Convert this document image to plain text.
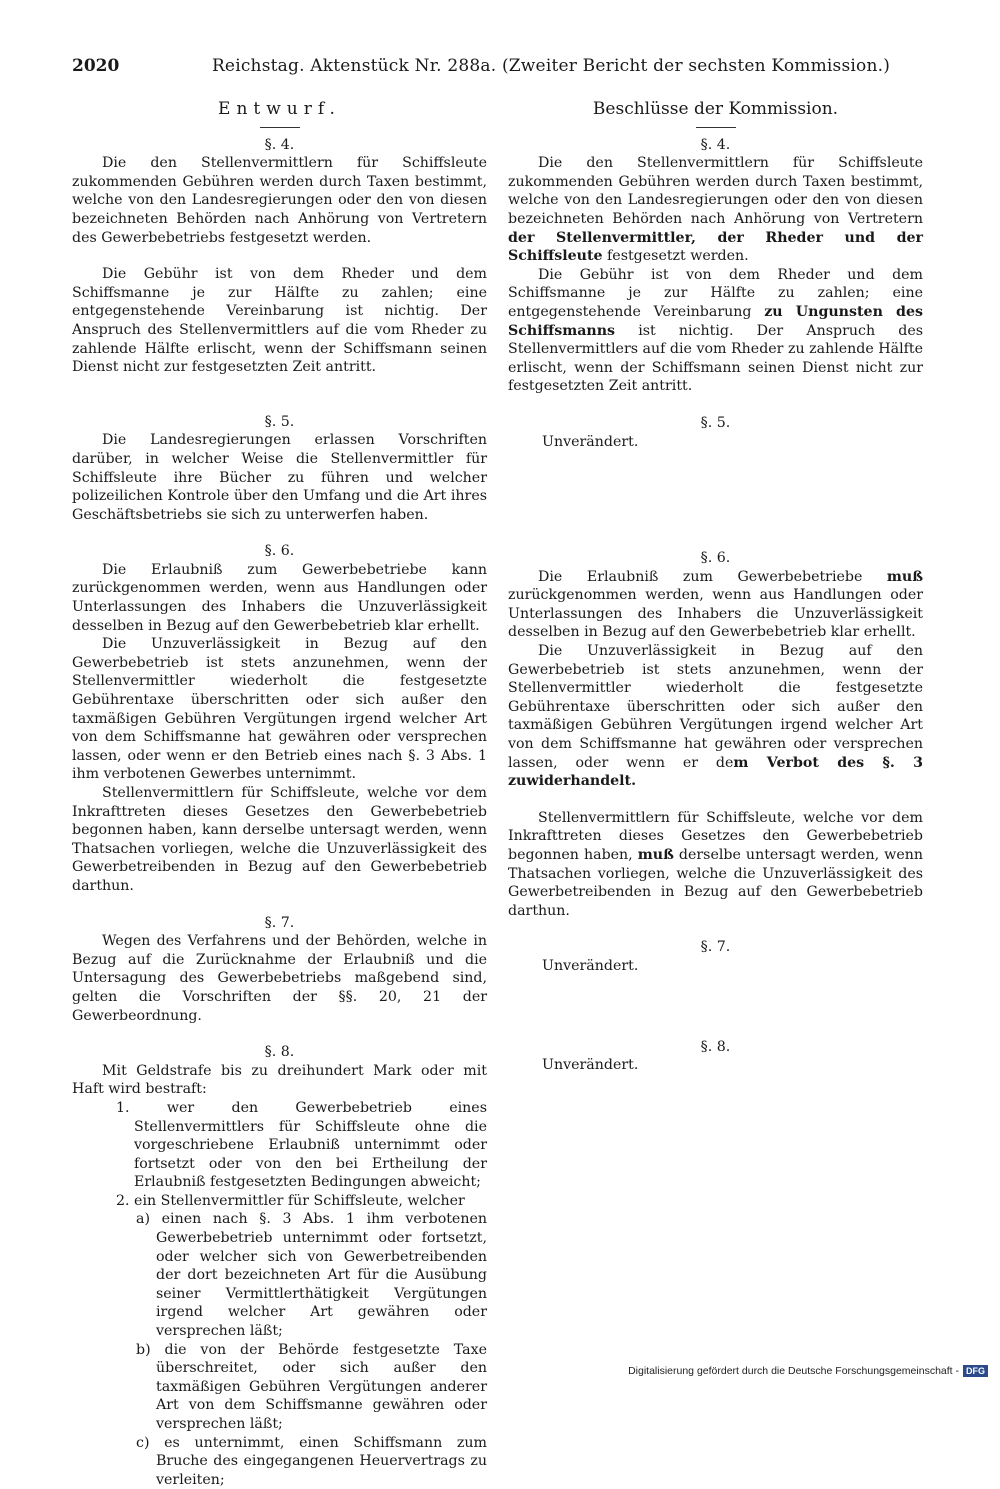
2020	Reichstag. Aktenstück Nr. 288a. (Zweiter Bericht der sechsten Kommission.)
Entwurf.

§. 4.

Die den Stellenvermittlern für Schiffsleute zukommenden Gebühren werden durch Taxen bestimmt, welche von den Landesregierungen oder den von diesen bezeichneten Behörden nach Anhörung von Vertretern des Gewerbebetriebs festgesetzt werden.

Die Gebühr ist von dem Rheder und dem Schiffsmanne je zur Hälfte zu zahlen; eine entgegenstehende Vereinbarung ist nichtig. Der Anspruch des Stellenvermittlers auf die vom Rheder zu zahlende Hälfte erlischt, wenn der Schiffsmann seinen Dienst nicht zur festgesetzten Zeit antritt.

§. 5.

Die Landesregierungen erlassen Vorschriften darüber, in welcher Weise die Stellenvermittler für Schiffsleute ihre Bücher zu führen und welcher polizeilichen Kontrole über den Umfang und die Art ihres Geschäftsbetriebs sie sich zu unterwerfen haben.

§. 6.

Die Erlaubniß zum Gewerbebetriebe kann zurückgenommen werden, wenn aus Handlungen oder Unterlassungen des Inhabers die Unzuverlässigkeit desselben in Bezug auf den Gewerbebetrieb klar erhellt.

Die Unzuverlässigkeit in Bezug auf den Gewerbebetrieb ist stets anzunehmen, wenn der Stellenvermittler wiederholt die festgesetzte Gebührentaxe überschritten oder sich außer den taxmäßigen Gebühren Vergütungen irgend welcher Art von dem Schiffsmanne hat gewähren oder versprechen lassen, oder wenn er den Betrieb eines nach §. 3 Abs. 1 ihm verbotenen Gewerbes unternimmt.

Stellenvermittlern für Schiffsleute, welche vor dem Inkrafttreten dieses Gesetzes den Gewerbebetrieb begonnen haben, kann derselbe untersagt werden, wenn Thatsachen vorliegen, welche die Unzuverlässigkeit des Gewerbetreibenden in Bezug auf den Gewerbebetrieb darthun.

§. 7.

Wegen des Verfahrens und der Behörden, welche in Bezug auf die Zurücknahme der Erlaubniß und die Untersagung des Gewerbebetriebs maßgebend sind, gelten die Vorschriften der §§. 20, 21 der Gewerbeordnung.

§. 8.

Mit Geldstrafe bis zu dreihundert Mark oder mit Haft wird bestraft:

1. wer den Gewerbebetrieb eines Stellenvermittlers für Schiffsleute ohne die vorgeschriebene Erlaubniß unternimmt oder fortsetzt oder von den bei Ertheilung der Erlaubniß festgesetzten Bedingungen abweicht;

2. ein Stellenvermittler für Schiffsleute, welcher

a) einen nach §. 3 Abs. 1 ihm verbotenen Gewerbebetrieb unternimmt oder fortsetzt, oder welcher sich von Gewerbetreibenden der dort bezeichneten Art für die Ausübung seiner Vermittlerthätigkeit Vergütungen irgend welcher Art gewähren oder versprechen läßt;

b) die von der Behörde festgesetzte Taxe überschreitet, oder sich außer den taxmäßigen Gebühren Vergütungen anderer Art von dem Schiffsmanne gewähren oder versprechen läßt;

c) es unternimmt, einen Schiffsmann zum Bruche des eingegangenen Heuervertrags zu verleiten;

Beschlüsse der Kommission.

§. 4.

Die den Stellenvermittlern für Schiffsleute zukommenden Gebühren werden durch Taxen bestimmt, welche von den Landesregierungen oder den von diesen bezeichneten Behörden nach Anhörung von Vertretern der Stellenvermittler, der Rheder und der Schiffsleute festgesetzt werden.

Die Gebühr ist von dem Rheder und dem Schiffsmanne je zur Hälfte zu zahlen; eine entgegenstehende Vereinbarung zu Ungunsten des Schiffsmanns ist nichtig. Der Anspruch des Stellenvermittlers auf die vom Rheder zu zahlende Hälfte erlischt, wenn der Schiffsmann seinen Dienst nicht zur festgesetzten Zeit antritt.

§. 5.

Unverändert.

§. 6.

Die Erlaubniß zum Gewerbebetriebe muß zurückgenommen werden, wenn aus Handlungen oder Unterlassungen des Inhabers die Unzuverlässigkeit desselben in Bezug auf den Gewerbebetrieb klar erhellt.

Die Unzuverlässigkeit in Bezug auf den Gewerbebetrieb ist stets anzunehmen, wenn der Stellenvermittler wiederholt die festgesetzte Gebührentaxe überschritten oder sich außer den taxmäßigen Gebühren Vergütungen irgend welcher Art von dem Schiffsmanne hat gewähren oder versprechen lassen, oder wenn er dem Verbot des §. 3 zuwiderhandelt.

Stellenvermittlern für Schiffsleute, welche vor dem Inkrafttreten dieses Gesetzes den Gewerbebetrieb begonnen haben, muß derselbe untersagt werden, wenn Thatsachen vorliegen, welche die Unzuverlässigkeit des Gewerbetreibenden in Bezug auf den Gewerbebetrieb darthun.

§. 7.

Unverändert.

§. 8.

Unverändert.

Digitalisierung gefördert durch die Deutsche Forschungsgemeinschaft - DFG
